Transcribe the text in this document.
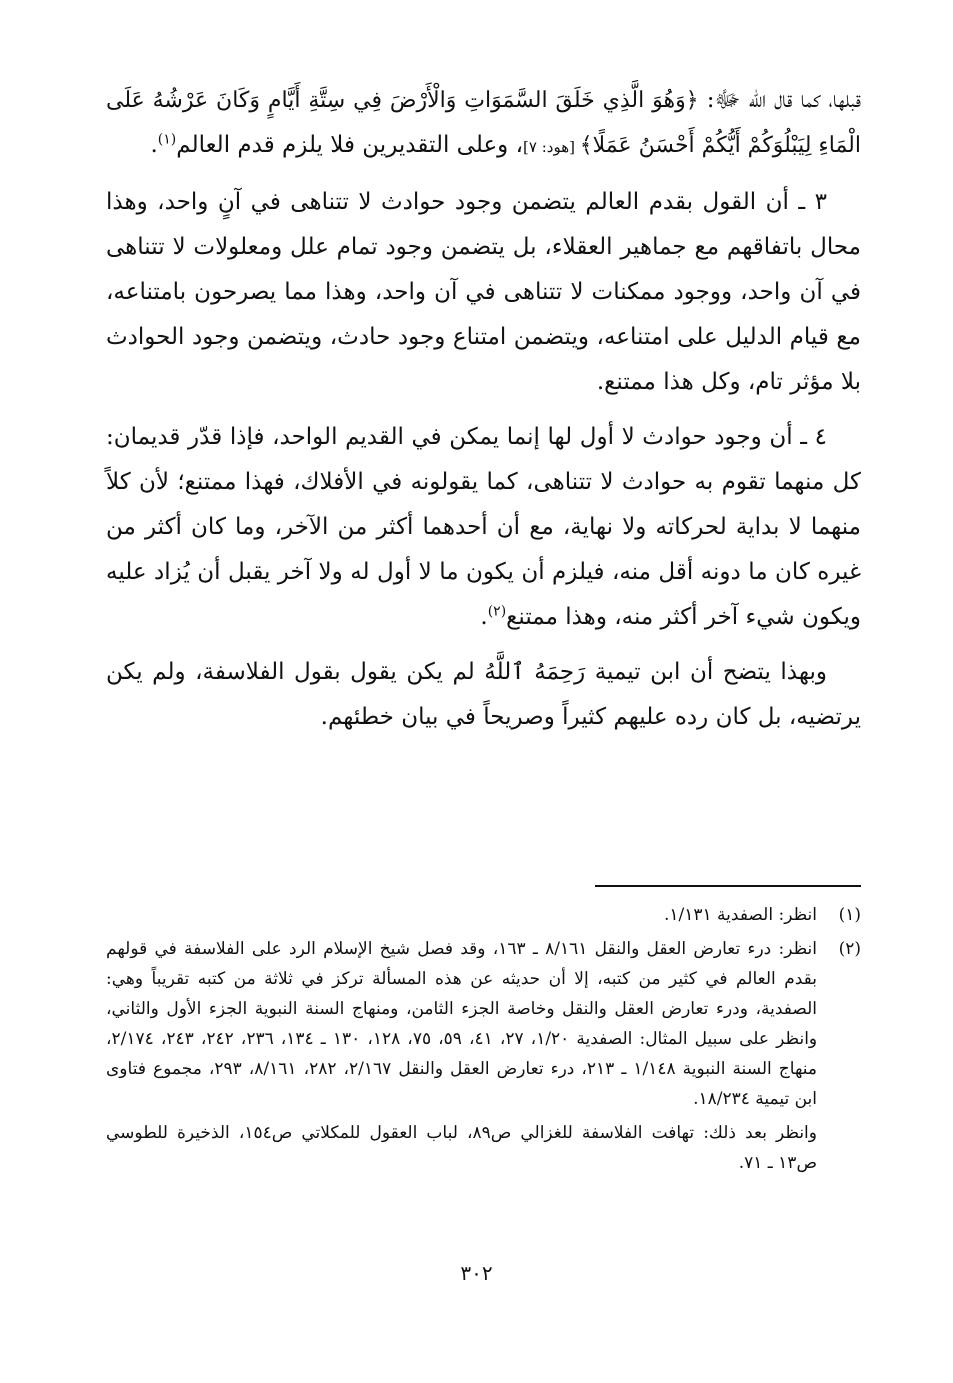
قبلها، كما قال الله ﷻ: ﴿وَهُوَ الَّذِي خَلَقَ السَّمَوَاتِ وَالْأَرْضَ فِي سِتَّةِ أَيَّامٍ وَكَانَ عَرْشُهُ عَلَى الْمَاءِ لِيَبْلُوَكُمْ أَيُّكُمْ أَحْسَنُ عَمَلًا﴾ [هود: ٧]، وعلى التقديرين فلا يلزم قدم العالم$^{(١)}$.

٣ ـ أن القول بقدم العالم يتضمن وجود حوادث لا تتناهى في آنٍ واحد، وهذا محال باتفاقهم مع جماهير العقلاء، بل يتضمن وجود تمام علل ومعلولات لا تتناهى في آن واحد، ووجود ممكنات لا تتناهى في آن واحد، وهذا مما يصرحون بامتناعه، مع قيام الدليل على امتناعه، ويتضمن امتناع وجود حادث، ويتضمن وجود الحوادث بلا مؤثر تام، وكل هذا ممتنع.

٤ ـ أن وجود حوادث لا أول لها إنما يمكن في القديم الواحد، فإذا قدّر قديمان: كل منهما تقوم به حوادث لا تتناهى، كما يقولونه في الأفلاك، فهذا ممتنع؛ لأن كلاً منهما لا بداية لحركاته ولا نهاية، مع أن أحدهما أكثر من الآخر، وما كان أكثر من غيره كان ما دونه أقل منه، فيلزم أن يكون ما لا أول له ولا آخر يقبل أن يُزاد عليه ويكون شيء آخر أكثر منه، وهذا ممتنع$^{(٢)}$.

وبهذا يتضح أن ابن تيمية رَحِمَهُ ٱللَّهُ لم يكن يقول بقول الفلاسفة، ولم يكن يرتضيه، بل كان رده عليهم كثيراً وصريحاً في بيان خطئهم.

(١)
انظر: الصفدية ١/١٣١.
(٢)
انظر: درء تعارض العقل والنقل ٨/١٦١ ـ ١٦٣، وقد فصل شيخ الإسلام الرد على الفلاسفة في قولهم بقدم العالم في كثير من كتبه، إلا أن حديثه عن هذه المسألة تركز في ثلاثة من كتبه تقريباً وهي: الصفدية، ودرء تعارض العقل والنقل وخاصة الجزء الثامن، ومنهاج السنة النبوية الجزء الأول والثاني، وانظر على سبيل المثال: الصفدية ١/٢٠، ٢٧، ٤١، ٥٩، ٧٥، ١٢٨، ١٣٠ ـ ١٣٤، ٢٣٦، ٢٤٢، ٢٤٣، ٢/١٧٤، منهاج السنة النبوية ١/١٤٨ ـ ٢١٣، درء تعارض العقل والنقل ٢/١٦٧، ٢٨٢، ٨/١٦١، ٢٩٣، مجموع فتاوى ابن تيمية ١٨/٢٣٤.
وانظر بعد ذلك: تهافت الفلاسفة للغزالي ص٨٩، لباب العقول للمكلاتي ص١٥٤، الذخيرة للطوسي ص١٣ ـ ٧١.
٣٠٢
